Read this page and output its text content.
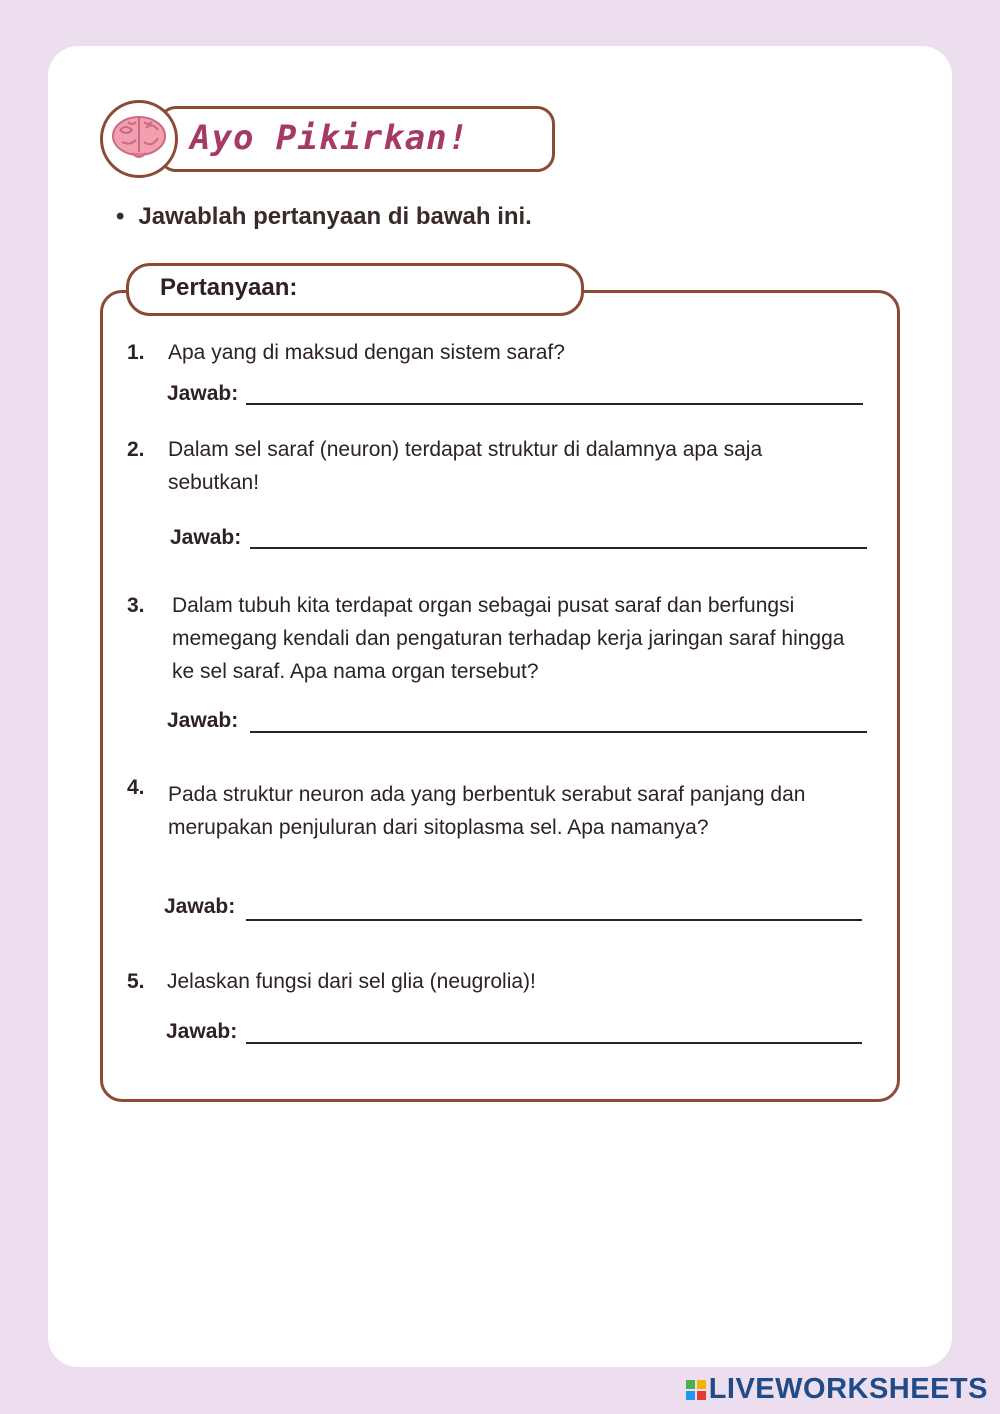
Ayo Pikirkan!
• Jawablah pertanyaan di bawah ini.
Pertanyaan:
1. Apa yang di maksud dengan sistem saraf?
Jawab:
2. Dalam sel saraf (neuron) terdapat struktur di dalamnya apa saja sebutkan!
Jawab:
3. Dalam tubuh kita terdapat organ sebagai pusat saraf dan berfungsi memegang kendali dan pengaturan terhadap kerja jaringan saraf hingga ke sel saraf. Apa nama organ tersebut?
Jawab:
4. Pada struktur neuron ada yang berbentuk serabut saraf panjang dan merupakan penjuluran dari sitoplasma sel. Apa namanya?
Jawab:
5. Jelaskan fungsi dari sel glia (neugrolia)!
Jawab:
LIVEWORKSHEETS
